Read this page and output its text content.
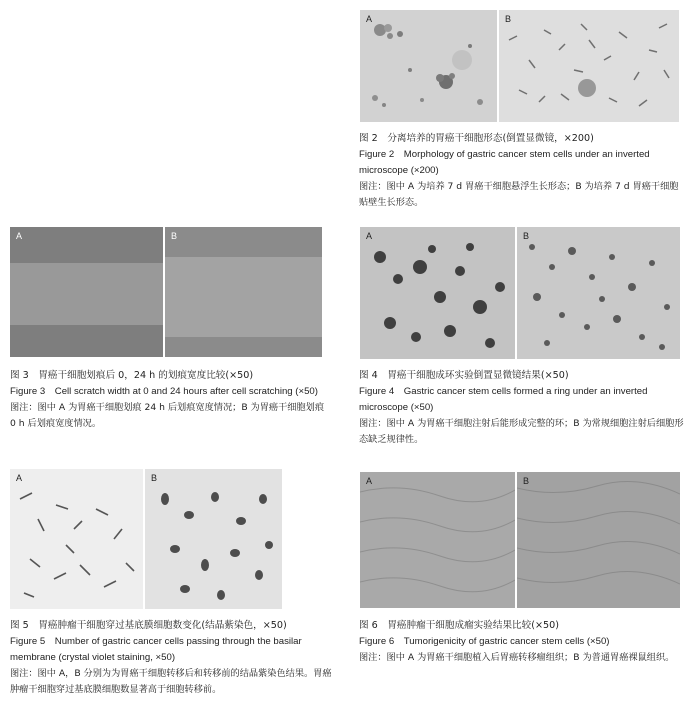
A	B

图 2　分离培养的胃癌干细胞形态(倒置显微镜，×200)

Figure 2　Morphology of gastric cancer stem cells under an inverted microscope (×200)

图注：图中 A 为培养 7 d 胃癌干细胞悬浮生长形态；B 为培养 7 d 胃癌干细胞贴壁生长形态。

A	B

图 3　胃癌干细胞划痕后 0，24 h 的划痕宽度比较(×50)

Figure 3　Cell scratch width at 0 and 24 hours after cell scratching (×50)

图注：图中 A 为胃癌干细胞划痕 24 h 后划痕宽度情况；B 为胃癌干细胞划痕 0 h 后划痕宽度情况。

A	B

图 4　胃癌干细胞成环实验倒置显微镜结果(×50)

Figure 4　Gastric cancer stem cells formed a ring under an inverted microscope (×50)

图注：图中 A 为胃癌干细胞注射后能形成完整的环；B 为常规细胞注射后细胞形态缺乏规律性。

A	B

图 5　胃癌肿瘤干细胞穿过基底膜细胞数变化(结晶紫染色，×50)

Figure 5　Number of gastric cancer cells passing through the basilar membrane (crystal violet staining, ×50)

图注：图中 A，B 分别为为胃癌干细胞转移后和转移前的结晶紫染色结果。胃癌肿瘤干细胞穿过基底膜细胞数显著高于细胞转移前。

A	B

图 6　胃癌肿瘤干细胞成瘤实验结果比较(×50)

Figure 6　Tumorigenicity of gastric cancer stem cells (×50)

图注：图中 A 为胃癌干细胞植入后胃癌转移瘤组织；B 为普通胃癌裸鼠组织。
